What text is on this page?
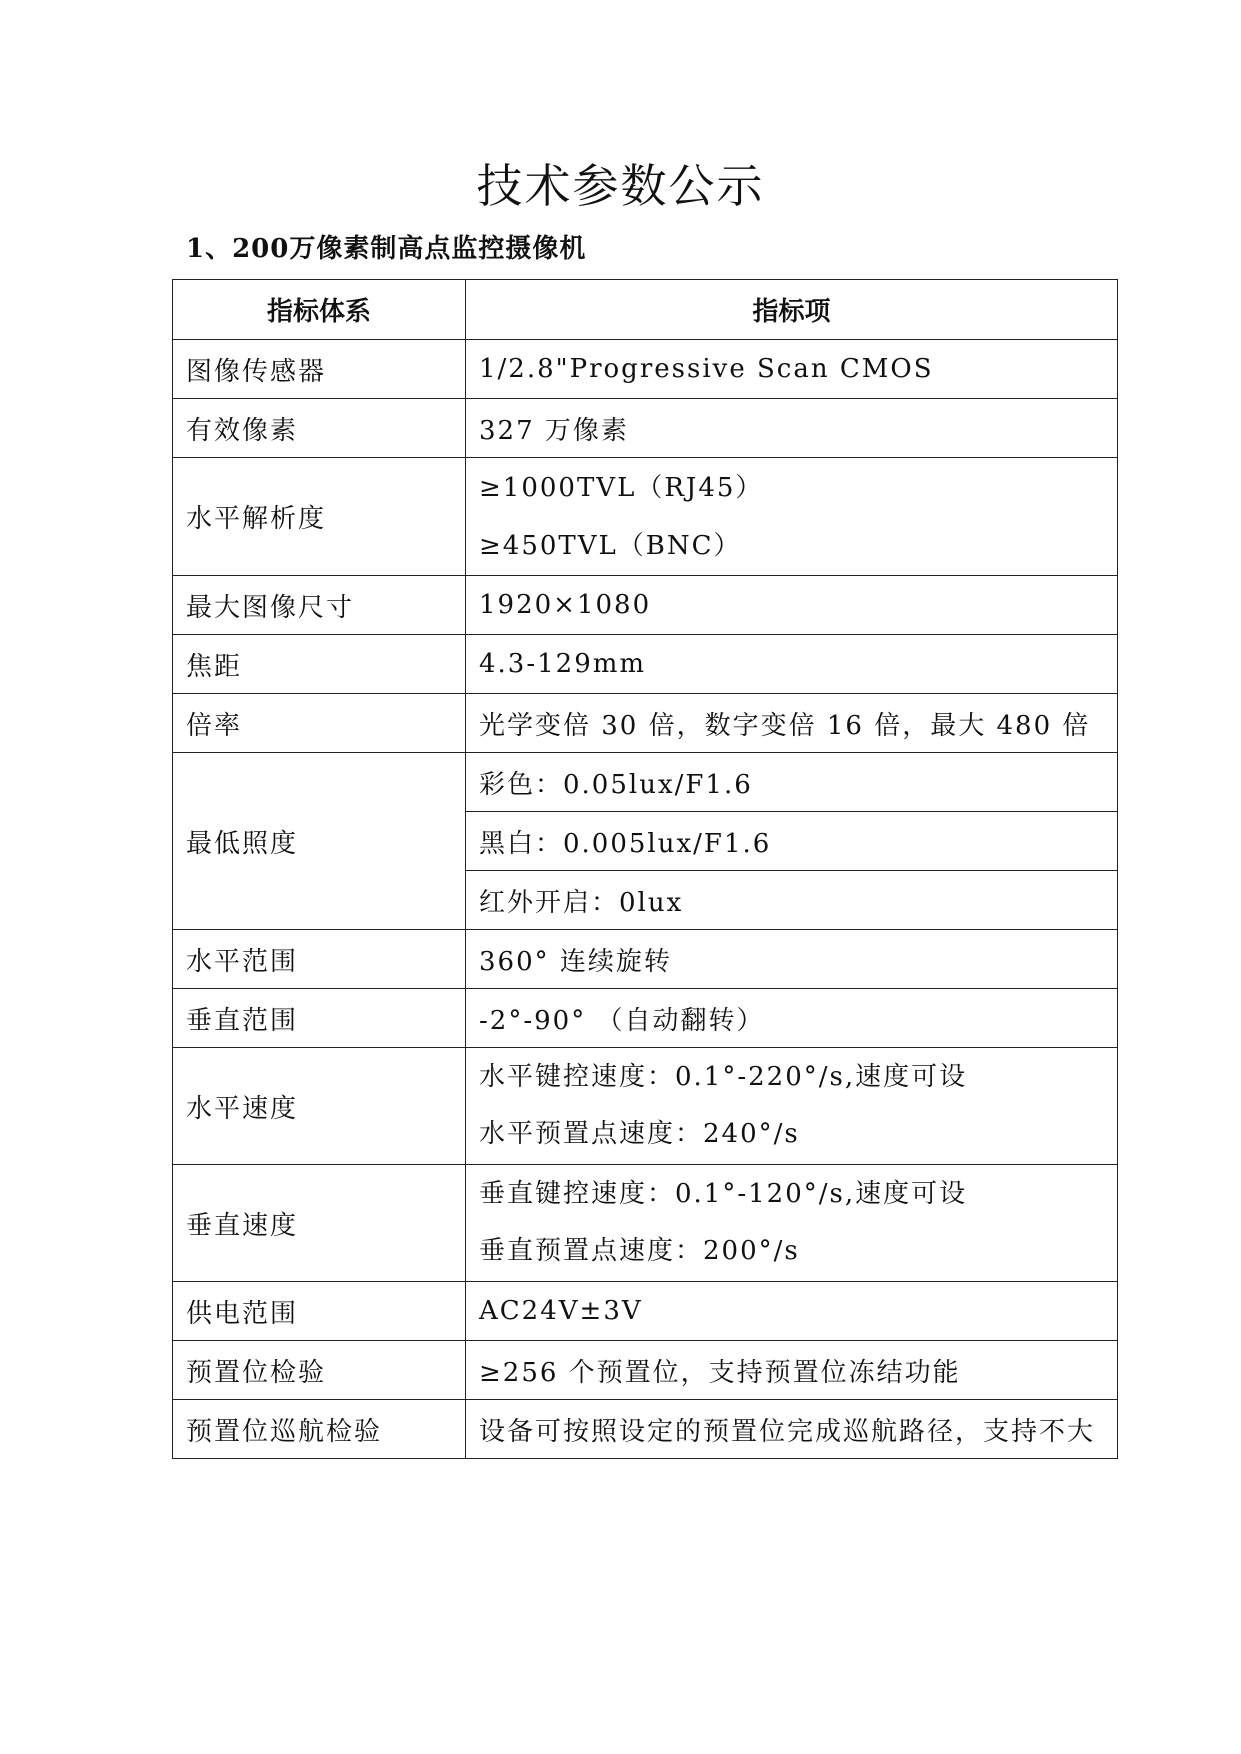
技术参数公示
1、200万像素制高点监控摄像机
指标体系	指标项
图像传感器	1/2.8"Progressive Scan CMOS
有效像素	327 万像素
水平解析度	≥1000TVL（RJ45）
≥450TVL（BNC）

最大图像尺寸	1920×1080
焦距	4.3-129mm
倍率	光学变倍 30 倍，数字变倍 16 倍，最大 480 倍
最低照度	彩色：0.05lux/F1.6
	黑白：0.005lux/F1.6
	红外开启：0lux
水平范围	360° 连续旋转
垂直范围	-2°-90° （自动翻转）
水平速度	水平键控速度：0.1°-220°/s,速度可设
水平预置点速度：240°/s

垂直速度	垂直键控速度：0.1°-120°/s,速度可设
垂直预置点速度：200°/s

供电范围	AC24V±3V
预置位检验	≥256 个预置位，支持预置位冻结功能
预置位巡航检验	设备可按照设定的预置位完成巡航路径，支持不大
